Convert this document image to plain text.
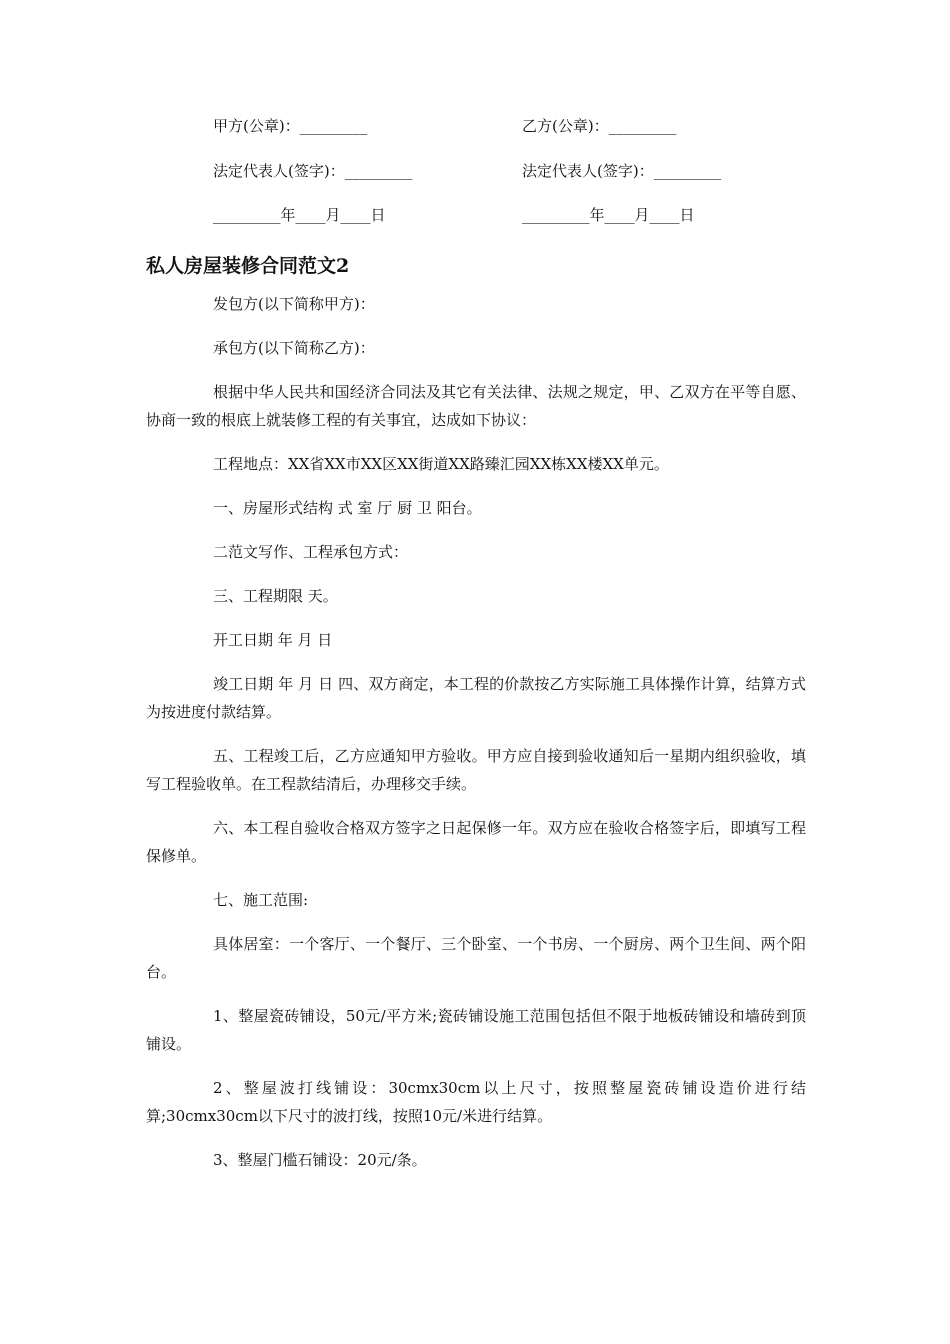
甲方(公章)：_________	乙方(公章)：_________
法定代表人(签字)：_________	法定代表人(签字)：_________
_________年____月____日	_________年____月____日
私人房屋装修合同范文2

发包方(以下简称甲方)：

承包方(以下简称乙方)：

根据中华人民共和国经济合同法及其它有关法律、法规之规定，甲、乙双方在平等自愿、协商一致的根底上就装修工程的有关事宜，达成如下协议：

工程地点：XX省XX市XX区XX街道XX路臻汇园XX栋XX楼XX单元。

一、房屋形式结构 式 室 厅 厨 卫 阳台。

二范文写作、工程承包方式：

三、工程期限 天。

开工日期 年 月 日

竣工日期 年 月 日 四、双方商定，本工程的价款按乙方实际施工具体操作计算，结算方式为按进度付款结算。

五、工程竣工后，乙方应通知甲方验收。甲方应自接到验收通知后一星期内组织验收，填写工程验收单。在工程款结清后，办理移交手续。

六、本工程自验收合格双方签字之日起保修一年。双方应在验收合格签字后，即填写工程保修单。

七、施工范围:

具体居室：一个客厅、一个餐厅、三个卧室、一个书房、一个厨房、两个卫生间、两个阳台。

1、整屋瓷砖铺设，50元/平方米;瓷砖铺设施工范围包括但不限于地板砖铺设和墙砖到顶铺设。

2、整屋波打线铺设：30cmx30cm以上尺寸，按照整屋瓷砖铺设造价进行结算;30cmx30cm以下尺寸的波打线，按照10元/米进行结算。

3、整屋门槛石铺设：20元/条。
